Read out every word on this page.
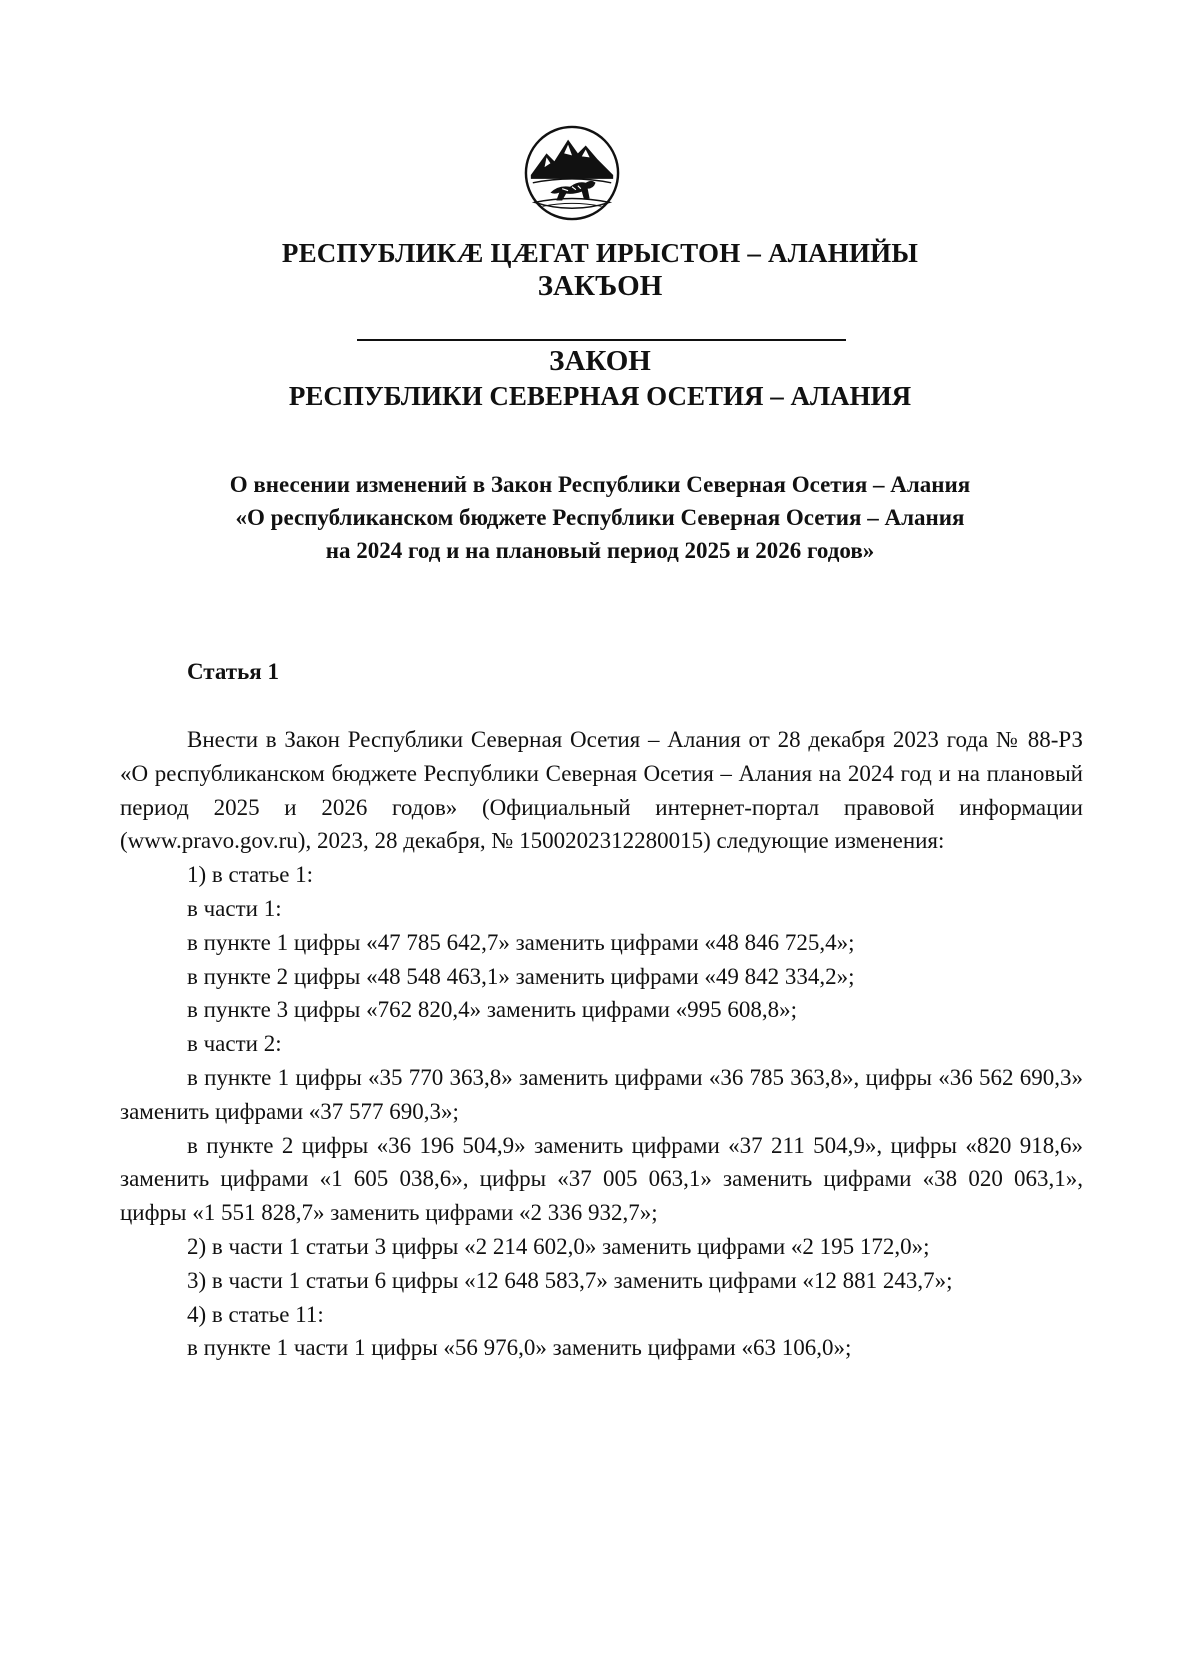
РЕСПУБЛИКӔ ЦӔГАТ ИРЫСТОН – АЛАНИЙЫ
ЗАКЪОН
ЗАКОН
РЕСПУБЛИКИ СЕВЕРНАЯ ОСЕТИЯ – АЛАНИЯ
О внесении изменений в Закон Республики Северная Осетия – Алания
«О республиканском бюджете Республики Северная Осетия – Алания
на 2024 год и на плановый период 2025 и 2026 годов»
Статья 1

Внести в Закон Республики Северная Осетия – Алания от 28 декабря 2023 года № 88-РЗ «О республиканском бюджете Республики Северная Осетия – Алания на 2024 год и на плановый период 2025 и 2026 годов» (Официальный интернет-портал правовой информации (www.pravo.gov.ru), 2023, 28 декабря, № 1500202312280015) следующие изменения:

1) в статье 1:

в части 1:

в пункте 1 цифры «47 785 642,7» заменить цифрами «48 846 725,4»;

в пункте 2 цифры «48 548 463,1» заменить цифрами «49 842 334,2»;

в пункте 3 цифры «762 820,4» заменить цифрами «995 608,8»;

в части 2:

в пункте 1 цифры «35 770 363,8» заменить цифрами «36 785 363,8», цифры «36 562 690,3» заменить цифрами «37 577 690,3»;

в пункте 2 цифры «36 196 504,9» заменить цифрами «37 211 504,9», цифры «820 918,6» заменить цифрами «1 605 038,6», цифры «37 005 063,1» заменить цифрами «38 020 063,1», цифры «1 551 828,7» заменить цифрами «2 336 932,7»;

2) в части 1 статьи 3 цифры «2 214 602,0» заменить цифрами «2 195 172,0»;

3) в части 1 статьи 6 цифры «12 648 583,7» заменить цифрами «12 881 243,7»;

4) в статье 11:

в пункте 1 части 1 цифры «56 976,0» заменить цифрами «63 106,0»;
